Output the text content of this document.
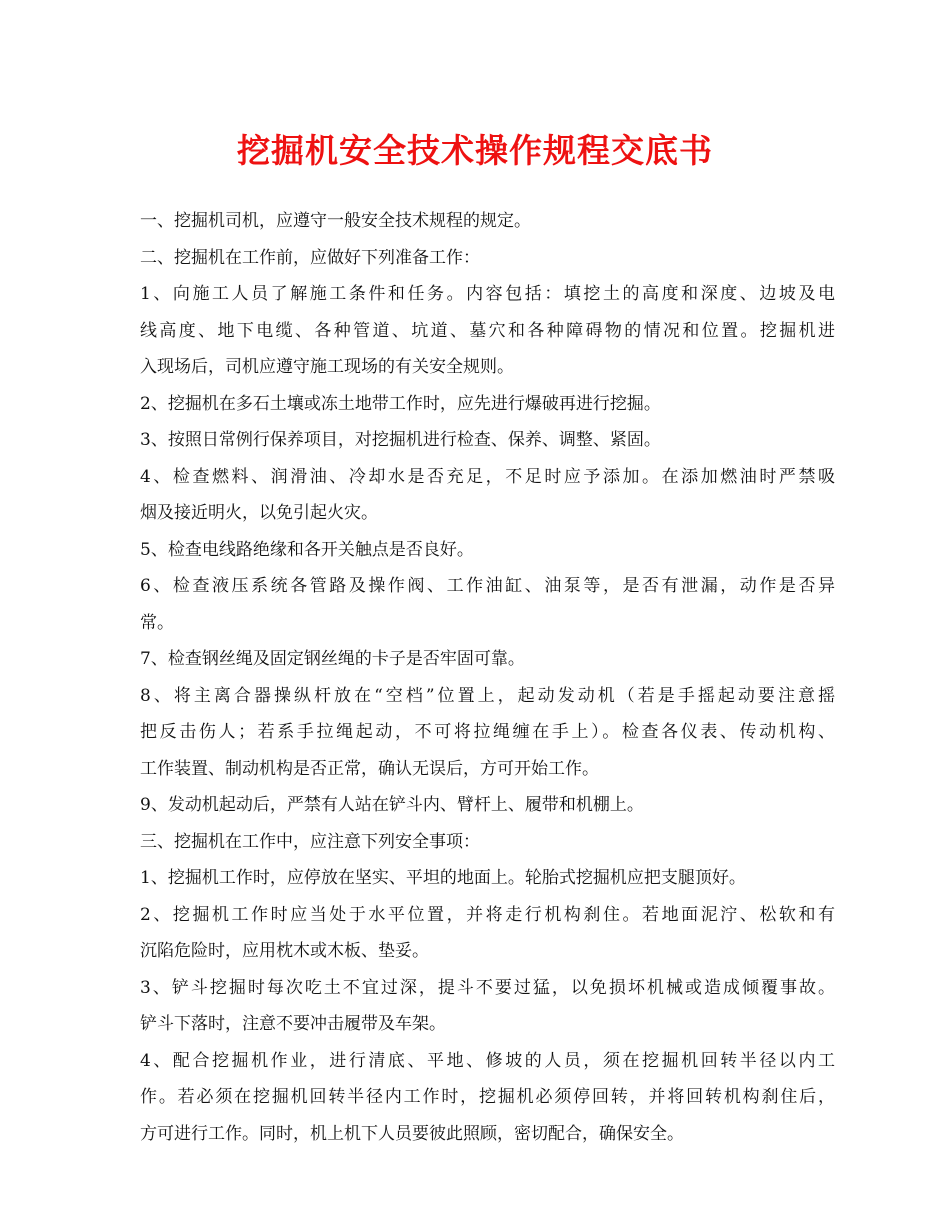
挖掘机安全技术操作规程交底书
一、挖掘机司机，应遵守一般安全技术规程的规定。
二、挖掘机在工作前，应做好下列准备工作：
1、向施工人员了解施工条件和任务。内容包括：填挖土的高度和深度、边坡及电
线高度、地下电缆、各种管道、坑道、墓穴和各种障碍物的情况和位置。挖掘机进
入现场后，司机应遵守施工现场的有关安全规则。
2、挖掘机在多石土壤或冻土地带工作时，应先进行爆破再进行挖掘。
3、按照日常例行保养项目，对挖掘机进行检查、保养、调整、紧固。
4、检查燃料、润滑油、冷却水是否充足，不足时应予添加。在添加燃油时严禁吸
烟及接近明火，以免引起火灾。
5、检查电线路绝缘和各开关触点是否良好。
6、检查液压系统各管路及操作阀、工作油缸、油泵等，是否有泄漏，动作是否异
常。
7、检查钢丝绳及固定钢丝绳的卡子是否牢固可靠。
8、将主离合器操纵杆放在“空档”位置上，起动发动机（若是手摇起动要注意摇
把反击伤人；若系手拉绳起动，不可将拉绳缠在手上）。检查各仪表、传动机构、
工作装置、制动机构是否正常，确认无误后，方可开始工作。
9、发动机起动后，严禁有人站在铲斗内、臂杆上、履带和机棚上。
三、挖掘机在工作中，应注意下列安全事项：
1、挖掘机工作时，应停放在坚实、平坦的地面上。轮胎式挖掘机应把支腿顶好。
2、挖掘机工作时应当处于水平位置，并将走行机构刹住。若地面泥泞、松软和有
沉陷危险时，应用枕木或木板、垫妥。
3、铲斗挖掘时每次吃土不宜过深，提斗不要过猛，以免损坏机械或造成倾覆事故。
铲斗下落时，注意不要冲击履带及车架。
4、配合挖掘机作业，进行清底、平地、修坡的人员，须在挖掘机回转半径以内工
作。若必须在挖掘机回转半径内工作时，挖掘机必须停回转，并将回转机构刹住后，
方可进行工作。同时，机上机下人员要彼此照顾，密切配合，确保安全。
